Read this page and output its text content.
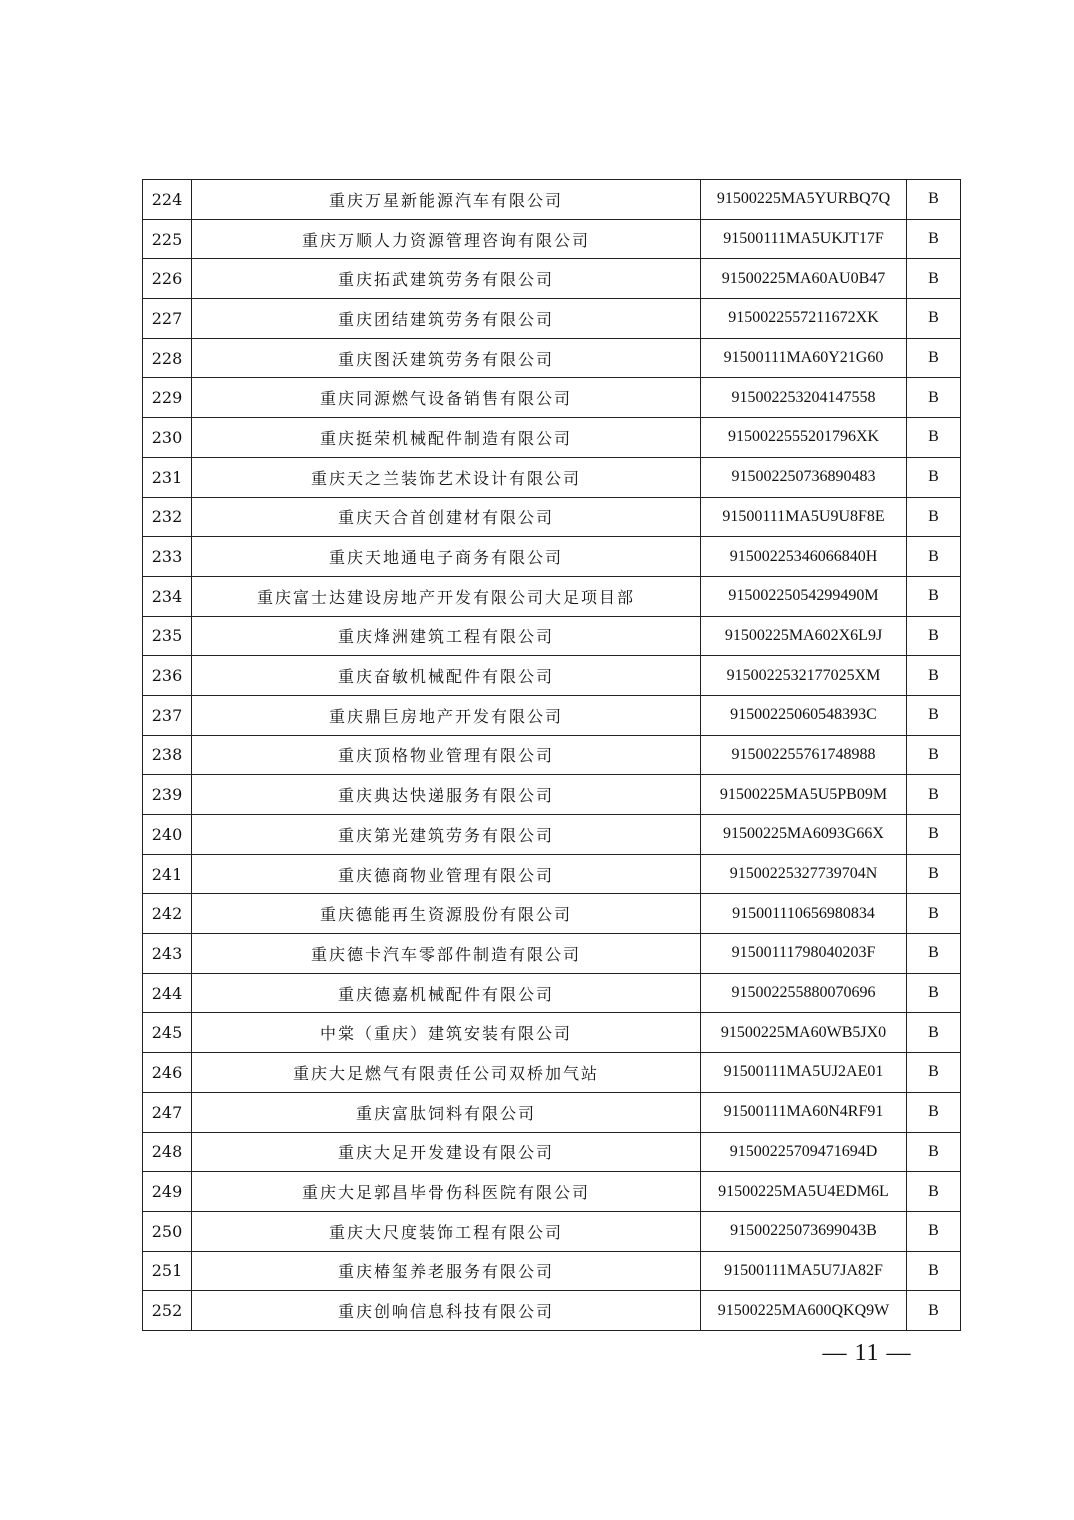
224	重庆万星新能源汽车有限公司	91500225MA5YURBQ7Q	B
225	重庆万顺人力资源管理咨询有限公司	91500111MA5UKJT17F	B
226	重庆拓武建筑劳务有限公司	91500225MA60AU0B47	B
227	重庆团结建筑劳务有限公司	9150022557211672XK	B
228	重庆图沃建筑劳务有限公司	91500111MA60Y21G60	B
229	重庆同源燃气设备销售有限公司	915002253204147558	B
230	重庆挺荣机械配件制造有限公司	9150022555201796XK	B
231	重庆天之兰装饰艺术设计有限公司	915002250736890483	B
232	重庆天合首创建材有限公司	91500111MA5U9U8F8E	B
233	重庆天地通电子商务有限公司	91500225346066840H	B
234	重庆富士达建设房地产开发有限公司大足项目部	91500225054299490M	B
235	重庆烽洲建筑工程有限公司	91500225MA602X6L9J	B
236	重庆奋敏机械配件有限公司	9150022532177025XM	B
237	重庆鼎巨房地产开发有限公司	91500225060548393C	B
238	重庆顶格物业管理有限公司	915002255761748988	B
239	重庆典达快递服务有限公司	91500225MA5U5PB09M	B
240	重庆第光建筑劳务有限公司	91500225MA6093G66X	B
241	重庆德商物业管理有限公司	91500225327739704N	B
242	重庆德能再生资源股份有限公司	915001110656980834	B
243	重庆德卡汽车零部件制造有限公司	91500111798040203F	B
244	重庆德嘉机械配件有限公司	915002255880070696	B
245	中棠（重庆）建筑安装有限公司	91500225MA60WB5JX0	B
246	重庆大足燃气有限责任公司双桥加气站	91500111MA5UJ2AE01	B
247	重庆富肽饲料有限公司	91500111MA60N4RF91	B
248	重庆大足开发建设有限公司	91500225709471694D	B
249	重庆大足郭昌毕骨伤科医院有限公司	91500225MA5U4EDM6L	B
250	重庆大尺度装饰工程有限公司	91500225073699043B	B
251	重庆椿玺养老服务有限公司	91500111MA5U7JA82F	B
252	重庆创响信息科技有限公司	91500225MA600QKQ9W	B
— 11 —
